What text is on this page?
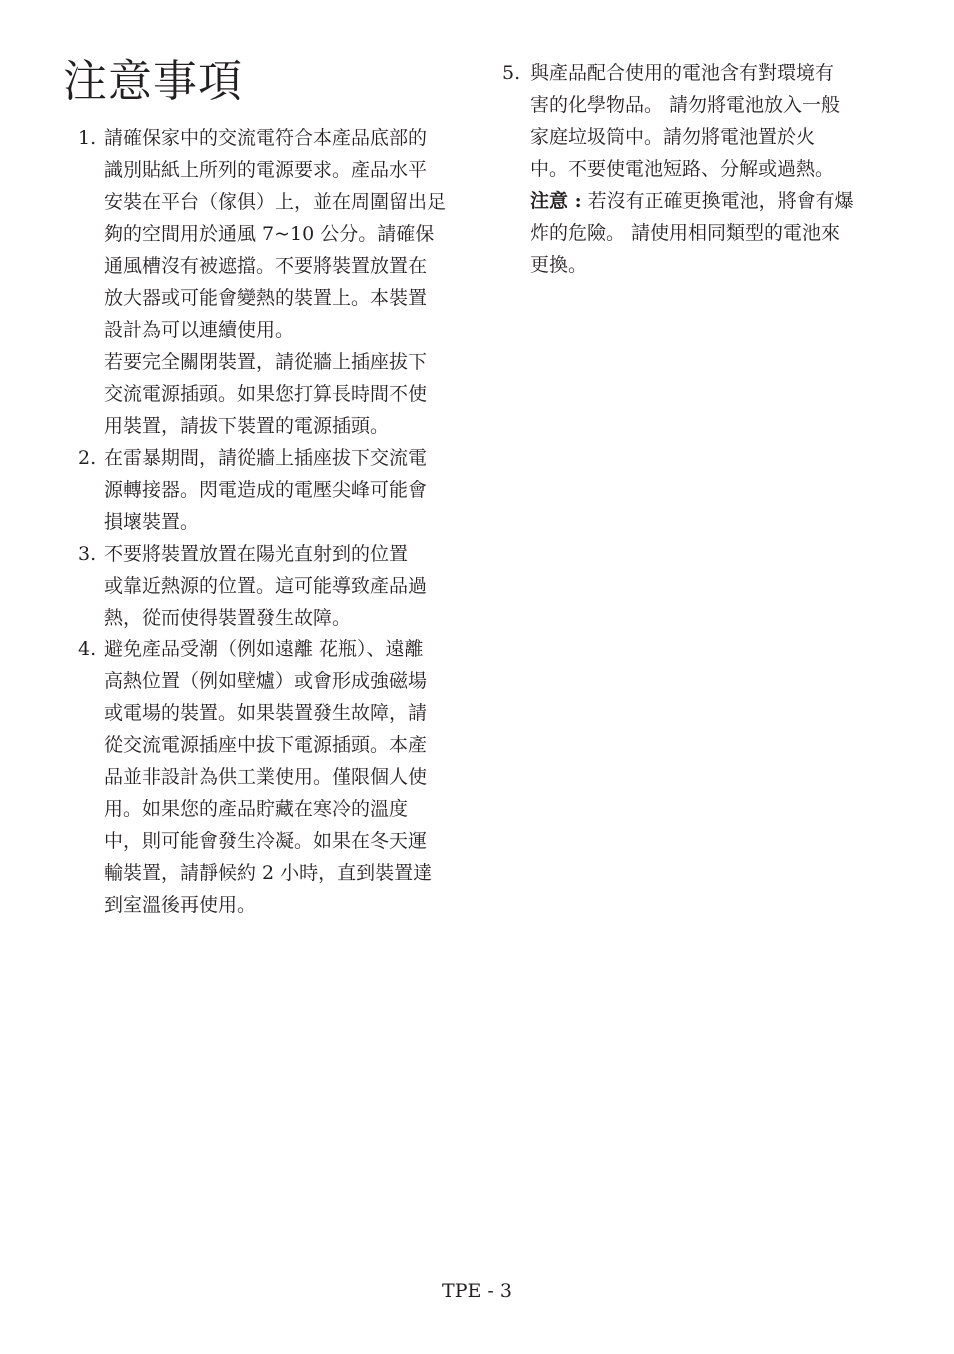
注意事項
1. 請確保家中的交流電符合本產品底部的
識別貼紙上所列的電源要求。產品水平
安裝在平台（傢俱）上，並在周圍留出足
夠的空間用於通風 7~10 公分。請確保
通風槽沒有被遮擋。不要將裝置放置在
放大器或可能會變熱的裝置上。本裝置
設計為可以連續使用。
若要完全關閉裝置，請從牆上插座拔下
交流電源插頭。如果您打算長時間不使
用裝置，請拔下裝置的電源插頭。
2. 在雷暴期間，請從牆上插座拔下交流電
源轉接器。閃電造成的電壓尖峰可能會
損壞裝置。
3. 不要將裝置放置在陽光直射到的位置
或靠近熱源的位置。這可能導致產品過
熱，從而使得裝置發生故障。
4. 避免產品受潮（例如遠離 花瓶）、遠離
高熱位置（例如壁爐）或會形成強磁場
或電場的裝置。如果裝置發生故障，請
從交流電源插座中拔下電源插頭。本產
品並非設計為供工業使用。僅限個人使
用。如果您的產品貯藏在寒冷的溫度
中，則可能會發生冷凝。如果在冬天運
輸裝置，請靜候約 2 小時，直到裝置達
到室溫後再使用。
5. 與產品配合使用的電池含有對環境有
害的化學物品。 請勿將電池放入一般
家庭垃圾筒中。請勿將電池置於火
中。不要使電池短路、分解或過熱。
注意 : 若沒有正確更換電池，將會有爆
炸的危險。 請使用相同類型的電池來
更換。
TPE - 3
